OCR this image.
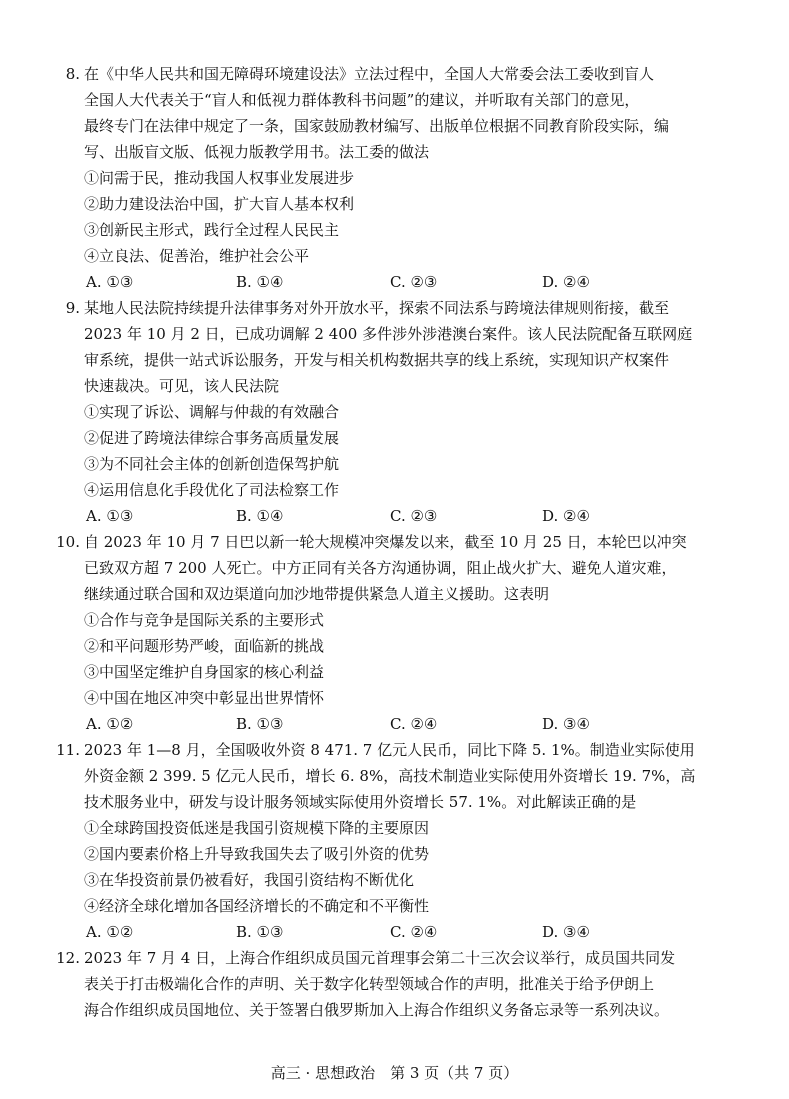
8. 在《中华人民共和国无障碍环境建设法》立法过程中，全国人大常委会法工委收到盲人
全国人大代表关于“盲人和低视力群体教科书问题”的建议，并听取有关部门的意见，
最终专门在法律中规定了一条，国家鼓励教材编写、出版单位根据不同教育阶段实际，编
写、出版盲文版、低视力版教学用书。法工委的做法
①问需于民，推动我国人权事业发展进步
②助力建设法治中国，扩大盲人基本权利
③创新民主形式，践行全过程人民民主
④立良法、促善治，维护社会公平
A. ①③	B. ①④	C. ②③	D. ②④
9. 某地人民法院持续提升法律事务对外开放水平，探索不同法系与跨境法律规则衔接，截至
2023 年 10 月 2 日，已成功调解 2 400 多件涉外涉港澳台案件。该人民法院配备互联网庭
审系统，提供一站式诉讼服务，开发与相关机构数据共享的线上系统，实现知识产权案件
快速裁决。可见，该人民法院
①实现了诉讼、调解与仲裁的有效融合
②促进了跨境法律综合事务高质量发展
③为不同社会主体的创新创造保驾护航
④运用信息化手段优化了司法检察工作
A. ①③	B. ①④	C. ②③	D. ②④
10. 自 2023 年 10 月 7 日巴以新一轮大规模冲突爆发以来，截至 10 月 25 日，本轮巴以冲突
已致双方超 7 200 人死亡。中方正同有关各方沟通协调，阻止战火扩大、避免人道灾难，
继续通过联合国和双边渠道向加沙地带提供紧急人道主义援助。这表明
①合作与竞争是国际关系的主要形式
②和平问题形势严峻，面临新的挑战
③中国坚定维护自身国家的核心利益
④中国在地区冲突中彰显出世界情怀
A. ①②	B. ①③	C. ②④	D. ③④
11. 2023 年 1—8 月，全国吸收外资 8 471. 7 亿元人民币，同比下降 5. 1%。制造业实际使用
外资金额 2 399. 5 亿元人民币，增长 6. 8%，高技术制造业实际使用外资增长 19. 7%，高
技术服务业中，研发与设计服务领域实际使用外资增长 57. 1%。对此解读正确的是
①全球跨国投资低迷是我国引资规模下降的主要原因
②国内要素价格上升导致我国失去了吸引外资的优势
③在华投资前景仍被看好，我国引资结构不断优化
④经济全球化增加各国经济增长的不确定和不平衡性
A. ①②	B. ①③	C. ②④	D. ③④
12. 2023 年 7 月 4 日，上海合作组织成员国元首理事会第二十三次会议举行，成员国共同发
表关于打击极端化合作的声明、关于数字化转型领域合作的声明，批准关于给予伊朗上
海合作组织成员国地位、关于签署白俄罗斯加入上海合作组织义务备忘录等一系列决议。
高三 · 思想政治　第 3 页（共 7 页）
